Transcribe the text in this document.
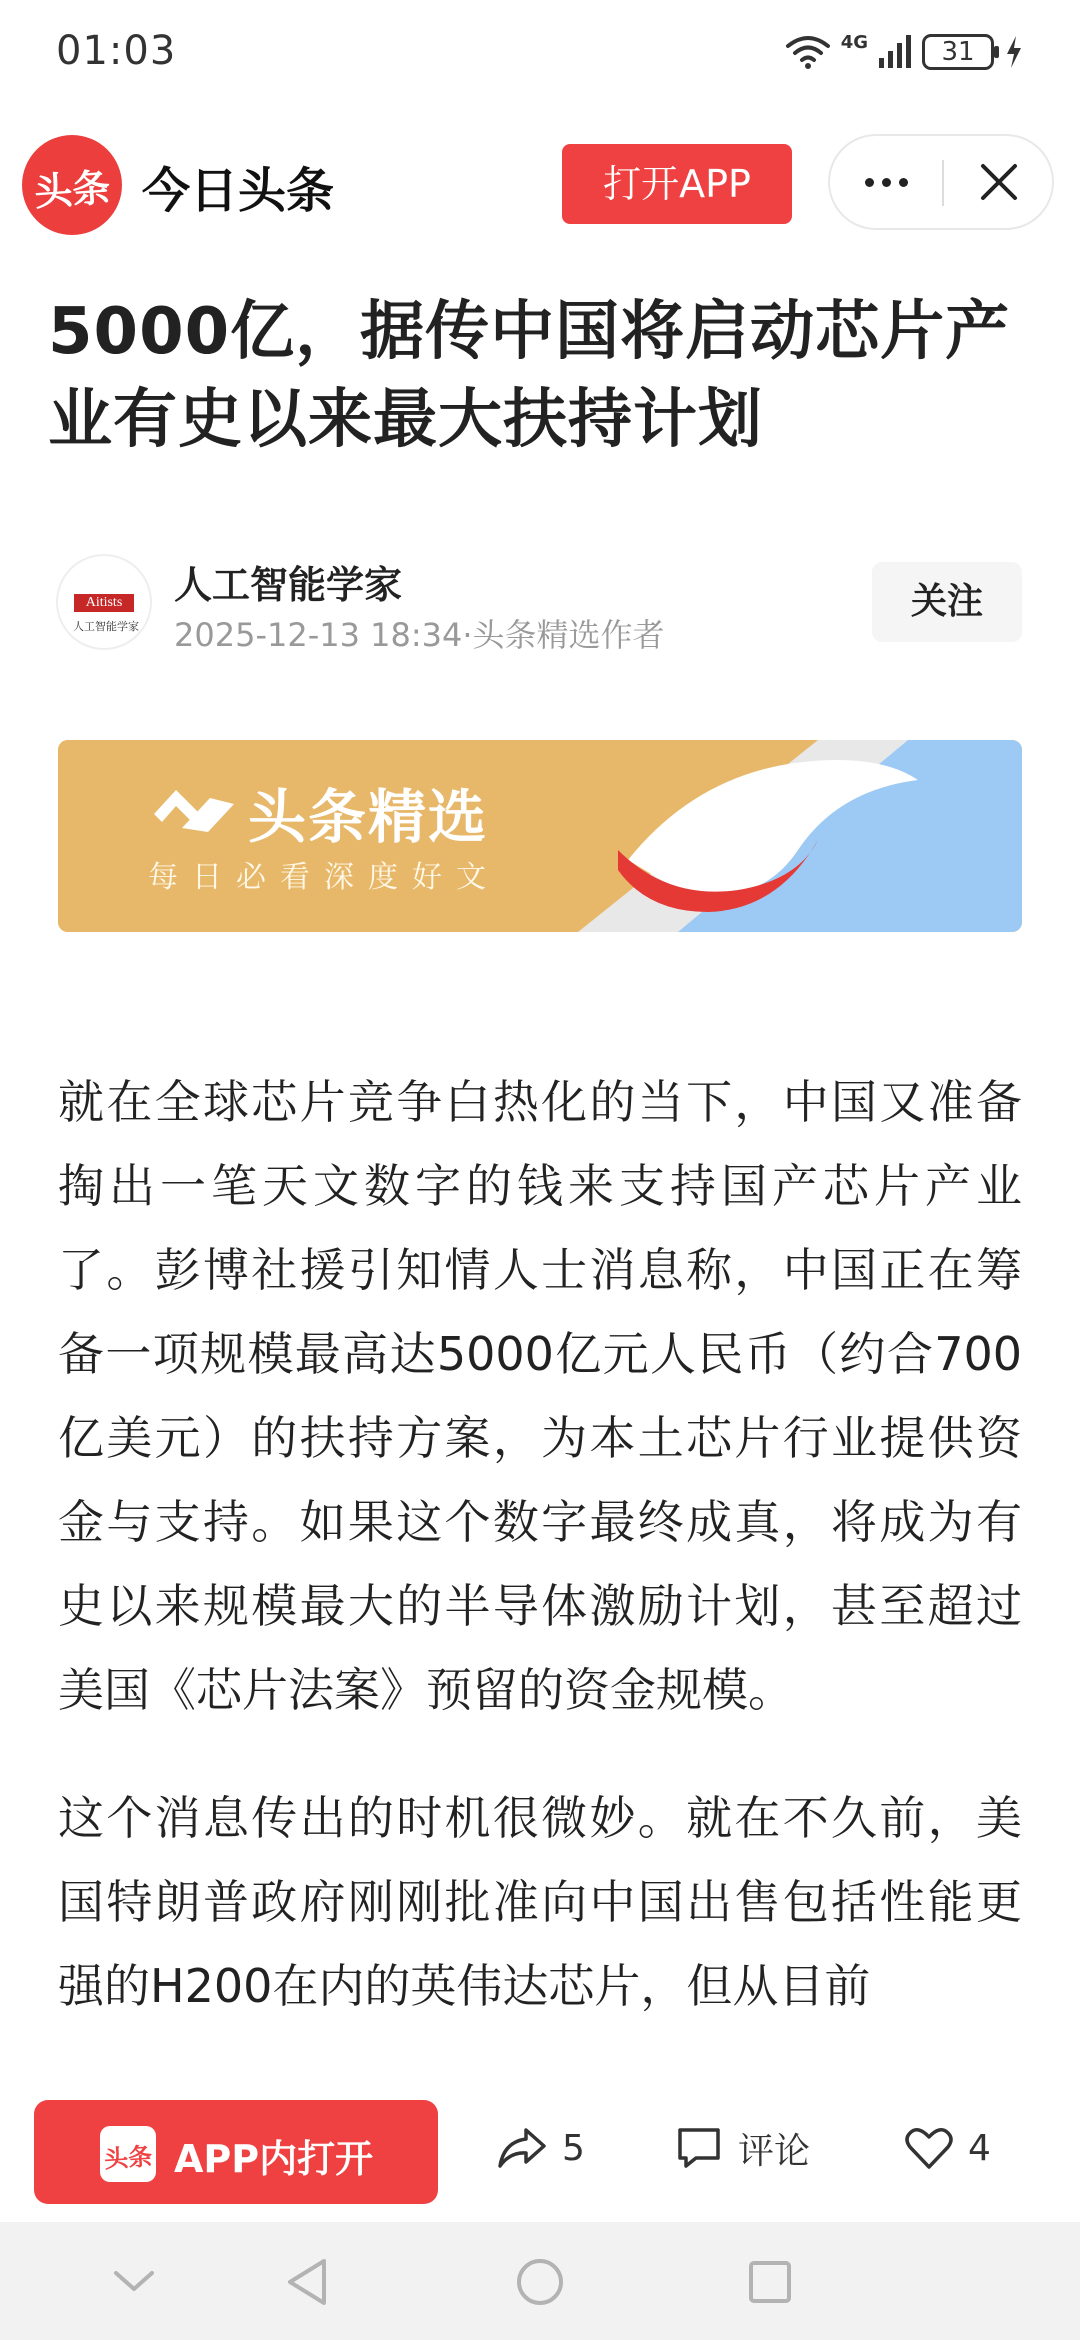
01:03	4G	31
头条 今日头条	打开APP
5000亿，据传中国将启动芯片产业有史以来最大扶持计划
Aitists
人工智能学家
人工智能学家
2025-12-13 18:34·头条精选作者
关注
头条精选
每日必看深度好文

就在全球芯片竞争白热化的当下，中国又准备掏出一笔天文数字的钱来支持国产芯片产业了。彭博社援引知情人士消息称，中国正在筹备一项规模最高达5000亿元人民币（约合700亿美元）的扶持方案，为本土芯片行业提供资金与支持。如果这个数字最终成真，将成为有史以来规模最大的半导体激励计划，甚至超过美国《芯片法案》预留的资金规模。

这个消息传出的时机很微妙。就在不久前，美国特朗普政府刚刚批准向中国出售包括性能更强的H200在内的英伟达芯片，但从目前

头条 APP内打开	5	评论	4
